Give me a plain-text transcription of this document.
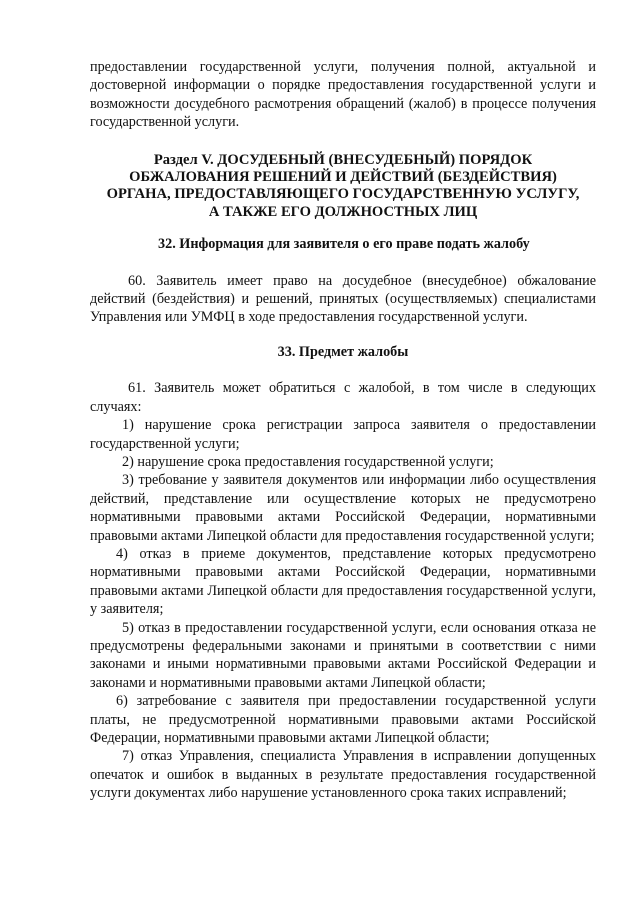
предоставлении государственной услуги, получения полной, актуальной и достоверной информации о порядке предоставления государственной услуги и возможности досудебного расмотрения обращений (жалоб) в процессе получения государственной услуги.

Раздел V. ДОСУДЕБНЫЙ (ВНЕСУДЕБНЫЙ) ПОРЯДОК
ОБЖАЛОВАНИЯ РЕШЕНИЙ И ДЕЙСТВИЙ (БЕЗДЕЙСТВИЯ)
ОРГАНА, ПРЕДОСТАВЛЯЮЩЕГО ГОСУДАРСТВЕННУЮ УСЛУГУ,
А ТАКЖЕ ЕГО ДОЛЖНОСТНЫХ ЛИЦ
32. Информация для заявителя о его праве подать жалобу

60. Заявитель имеет право на досудебное (внесудебное) обжалование действий (бездействия) и решений, принятых (осуществляемых) специалистами Управления или УМФЦ в ходе предоставления государственной услуги.

33. Предмет жалобы

61. Заявитель может обратиться с жалобой, в том числе в следующих случаях:

1) нарушение срока регистрации запроса заявителя о предоставлении государственной услуги;

2) нарушение срока предоставления государственной услуги;

3) требование у заявителя документов или информации либо осуществления действий, представление или осуществление которых не предусмотрено нормативными правовыми актами Российской Федерации, нормативными правовыми актами Липецкой области для предоставления государственной услуги;

4) отказ в приеме документов, представление которых предусмотрено нормативными правовыми актами Российской Федерации, нормативными правовыми актами Липецкой области для предоставления государственной услуги, у заявителя;

5) отказ в предоставлении государственной услуги, если основания отказа не предусмотрены федеральными законами и принятыми в соответствии с ними законами и иными нормативными правовыми актами Российской Федерации и законами и нормативными правовыми актами Липецкой области;

6) затребование с заявителя при предоставлении государственной услуги платы, не предусмотренной нормативными правовыми актами Российской Федерации, нормативными правовыми актами Липецкой области;

7) отказ Управления, специалиста Управления в исправлении допущенных опечаток и ошибок в выданных в результате предоставления государственной услуги документах либо нарушение установленного срока таких исправлений;
